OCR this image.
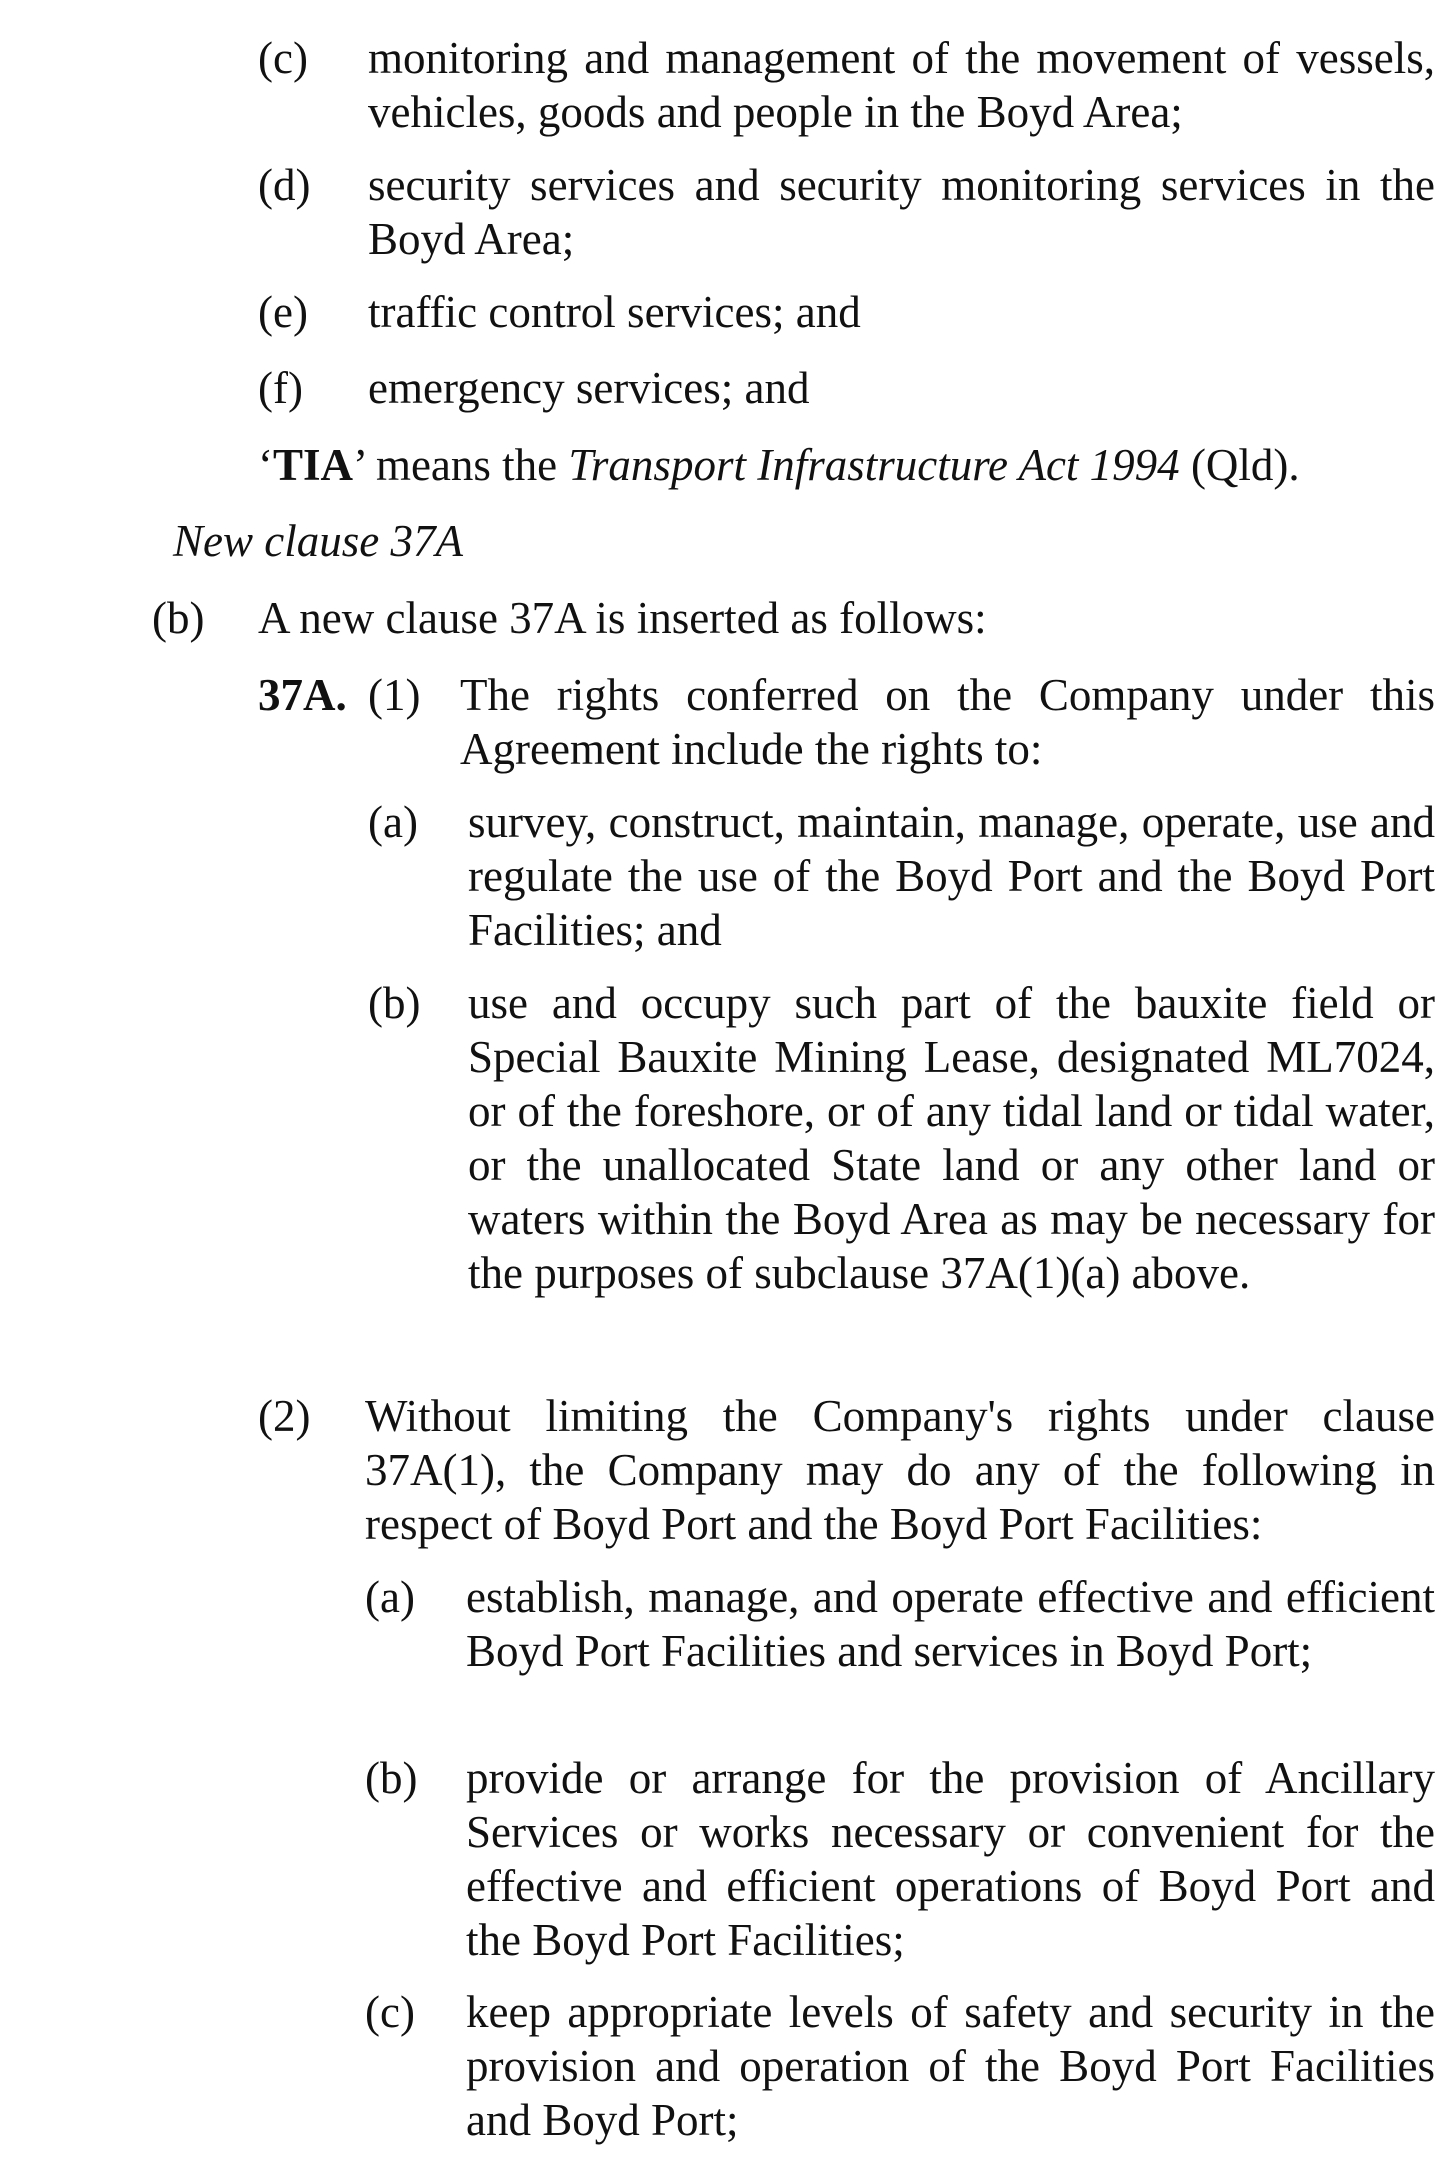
(c) monitoring and management of the movement of vessels, vehicles, goods and people in the Boyd Area;
(d) security services and security monitoring services in the Boyd Area;
(e) traffic control services; and
(f) emergency services; and
‘TIA’ means the Transport Infrastructure Act 1994 (Qld).
New clause 37A
(b) A new clause 37A is inserted as follows:
37A. (1) The rights conferred on the Company under this Agreement include the rights to:
(a) survey, construct, maintain, manage, operate, use and regulate the use of the Boyd Port and the Boyd Port Facilities; and
(b) use and occupy such part of the bauxite field or Special Bauxite Mining Lease, designated ML7024, or of the foreshore, or of any tidal land or tidal water, or the unallocated State land or any other land or waters within the Boyd Area as may be necessary for the purposes of subclause 37A(1)(a) above.
(2) Without limiting the Company's rights under clause 37A(1), the Company may do any of the following in respect of Boyd Port and the Boyd Port Facilities:
(a) establish, manage, and operate effective and efficient Boyd Port Facilities and services in Boyd Port;
(b) provide or arrange for the provision of Ancillary Services or works necessary or convenient for the effective and efficient operations of Boyd Port and the Boyd Port Facilities;
(c) keep appropriate levels of safety and security in the provision and operation of the Boyd Port Facilities and Boyd Port;
